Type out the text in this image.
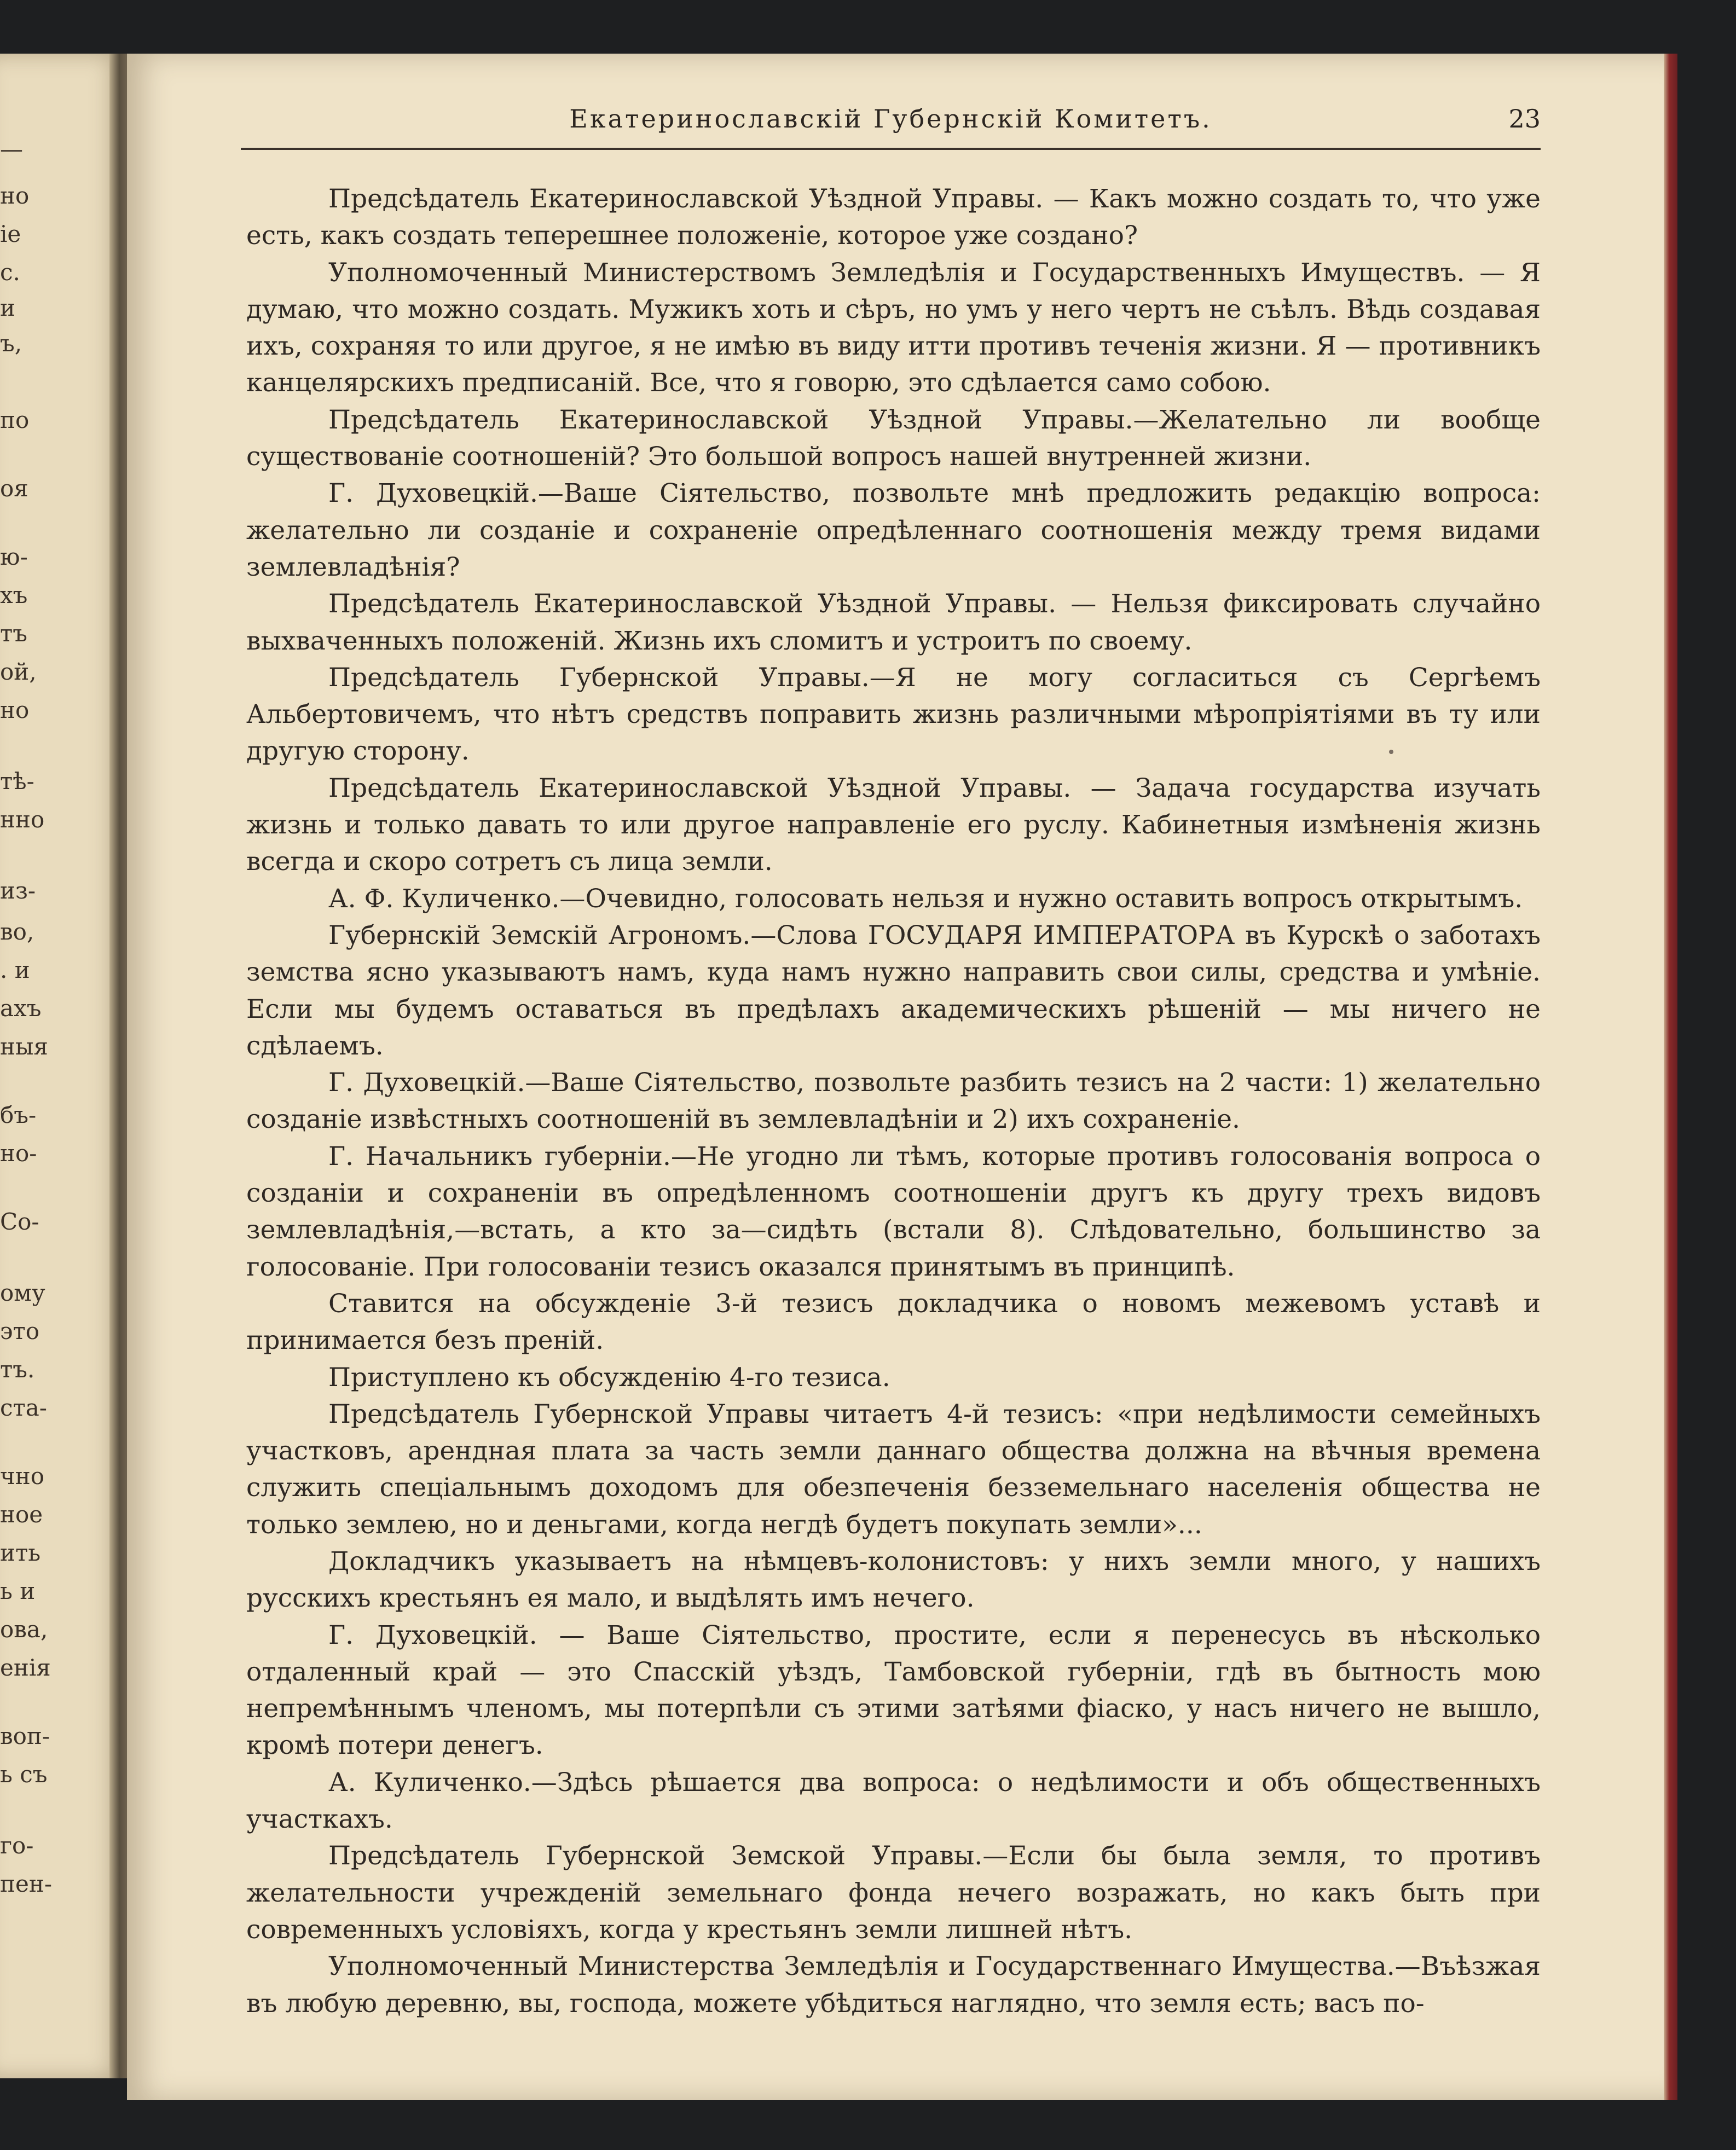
—
но
іе
с.
и
ъ,
по
оя
ю-
хъ
тъ
ой,
но
тѣ-
нно
из-
во,
. и
ахъ
ныя
бъ-
но-
Со-
ому
это
тъ.
ста-
чно
ное
ить
ь и
ова,
енія
воп-
ь съ
го-
пен-
Екатеринославскій Губернскій Комитетъ.	23

Предсѣдатель Екатеринославской Уѣздной Управы. — Какъ можно создать то, что уже есть, какъ создать теперешнее положеніе, которое уже создано?

Уполномоченный Министерствомъ Земледѣлія и Государственныхъ Имуществъ. — Я думаю, что можно создать. Мужикъ хоть и сѣръ, но умъ у него чертъ не съѣлъ. Вѣдь создавая ихъ, сохраняя то или другое, я не имѣю въ виду итти противъ теченія жизни. Я — противникъ канцелярскихъ предписаній. Все, что я говорю, это сдѣлается само собою.

Предсѣдатель Екатеринославской Уѣздной Управы.—Желательно ли вообще существованіе соотношеній? Это большой вопросъ нашей внутренней жизни.

Г. Духовецкій.—Ваше Сіятельство, позвольте мнѣ предложить редакцію вопроса: желательно ли созданіе и сохраненіе опредѣленнаго соотношенія между тремя видами землевладѣнія?

Предсѣдатель Екатеринославской Уѣздной Управы. — Нельзя фиксировать случайно выхваченныхъ положеній. Жизнь ихъ сломитъ и устроитъ по своему.

Предсѣдатель Губернской Управы.—Я не могу согласиться съ Сергѣемъ Альбертовичемъ, что нѣтъ средствъ поправить жизнь различными мѣропріятіями въ ту или другую сторону.

Предсѣдатель Екатеринославской Уѣздной Управы. — Задача государства изучать жизнь и только давать то или другое направленіе его руслу. Кабинетныя измѣненія жизнь всегда и скоро сотретъ съ лица земли.

А. Ф. Куличенко.—Очевидно, голосовать нельзя и нужно оставить вопросъ открытымъ.

Губернскій Земскій Агрономъ.—Слова ГОСУДАРЯ ИМПЕРАТОРА въ Курскѣ о заботахъ земства ясно указываютъ намъ, куда намъ нужно направить свои силы, средства и умѣніе. Если мы будемъ оставаться въ предѣлахъ академическихъ рѣшеній — мы ничего не сдѣлаемъ.

Г. Духовецкій.—Ваше Сіятельство, позвольте разбить тезисъ на 2 части: 1) желательно созданіе извѣстныхъ соотношеній въ землевладѣніи и 2) ихъ сохраненіе.

Г. Начальникъ губерніи.—Не угодно ли тѣмъ, которые противъ голосованія вопроса о созданіи и сохраненіи въ опредѣленномъ соотношеніи другъ къ другу трехъ видовъ землевладѣнія,—встать, а кто за—сидѣть (встали 8). Слѣдовательно, большинство за голосованіе. При голосованіи тезисъ оказался принятымъ въ принципѣ.

Ставится на обсужденіе 3-й тезисъ докладчика о новомъ межевомъ уставѣ и принимается безъ преній.

Приступлено къ обсужденію 4-го тезиса.

Предсѣдатель Губернской Управы читаетъ 4-й тезисъ: «при недѣлимости семейныхъ участковъ, арендная плата за часть земли даннаго общества должна на вѣчныя времена служить спеціальнымъ доходомъ для обезпеченія безземельнаго населенія общества не только землею, но и деньгами, когда негдѣ будетъ покупать земли»...

Докладчикъ указываетъ на нѣмцевъ-колонистовъ: у нихъ земли много, у нашихъ русскихъ крестьянъ ея мало, и выдѣлять имъ нечего.

Г. Духовецкій. — Ваше Сіятельство, простите, если я перенесусь въ нѣсколько отдаленный край — это Спасскій уѣздъ, Тамбовской губерніи, гдѣ въ бытность мою непремѣннымъ членомъ, мы потерпѣли съ этими затѣями фіаско, у насъ ничего не вышло, кромѣ потери денегъ.

А. Куличенко.—Здѣсь рѣшается два вопроса: о недѣлимости и объ общественныхъ участкахъ.

Предсѣдатель Губернской Земской Управы.—Если бы была земля, то противъ желательности учрежденій земельнаго фонда нечего возражать, но какъ быть при современныхъ условіяхъ, когда у крестьянъ земли лишней нѣтъ.

Уполномоченный Министерства Земледѣлія и Государственнаго Имущества.—Въѣзжая въ любую деревню, вы, господа, можете убѣдиться наглядно, что земля есть; васъ по-
